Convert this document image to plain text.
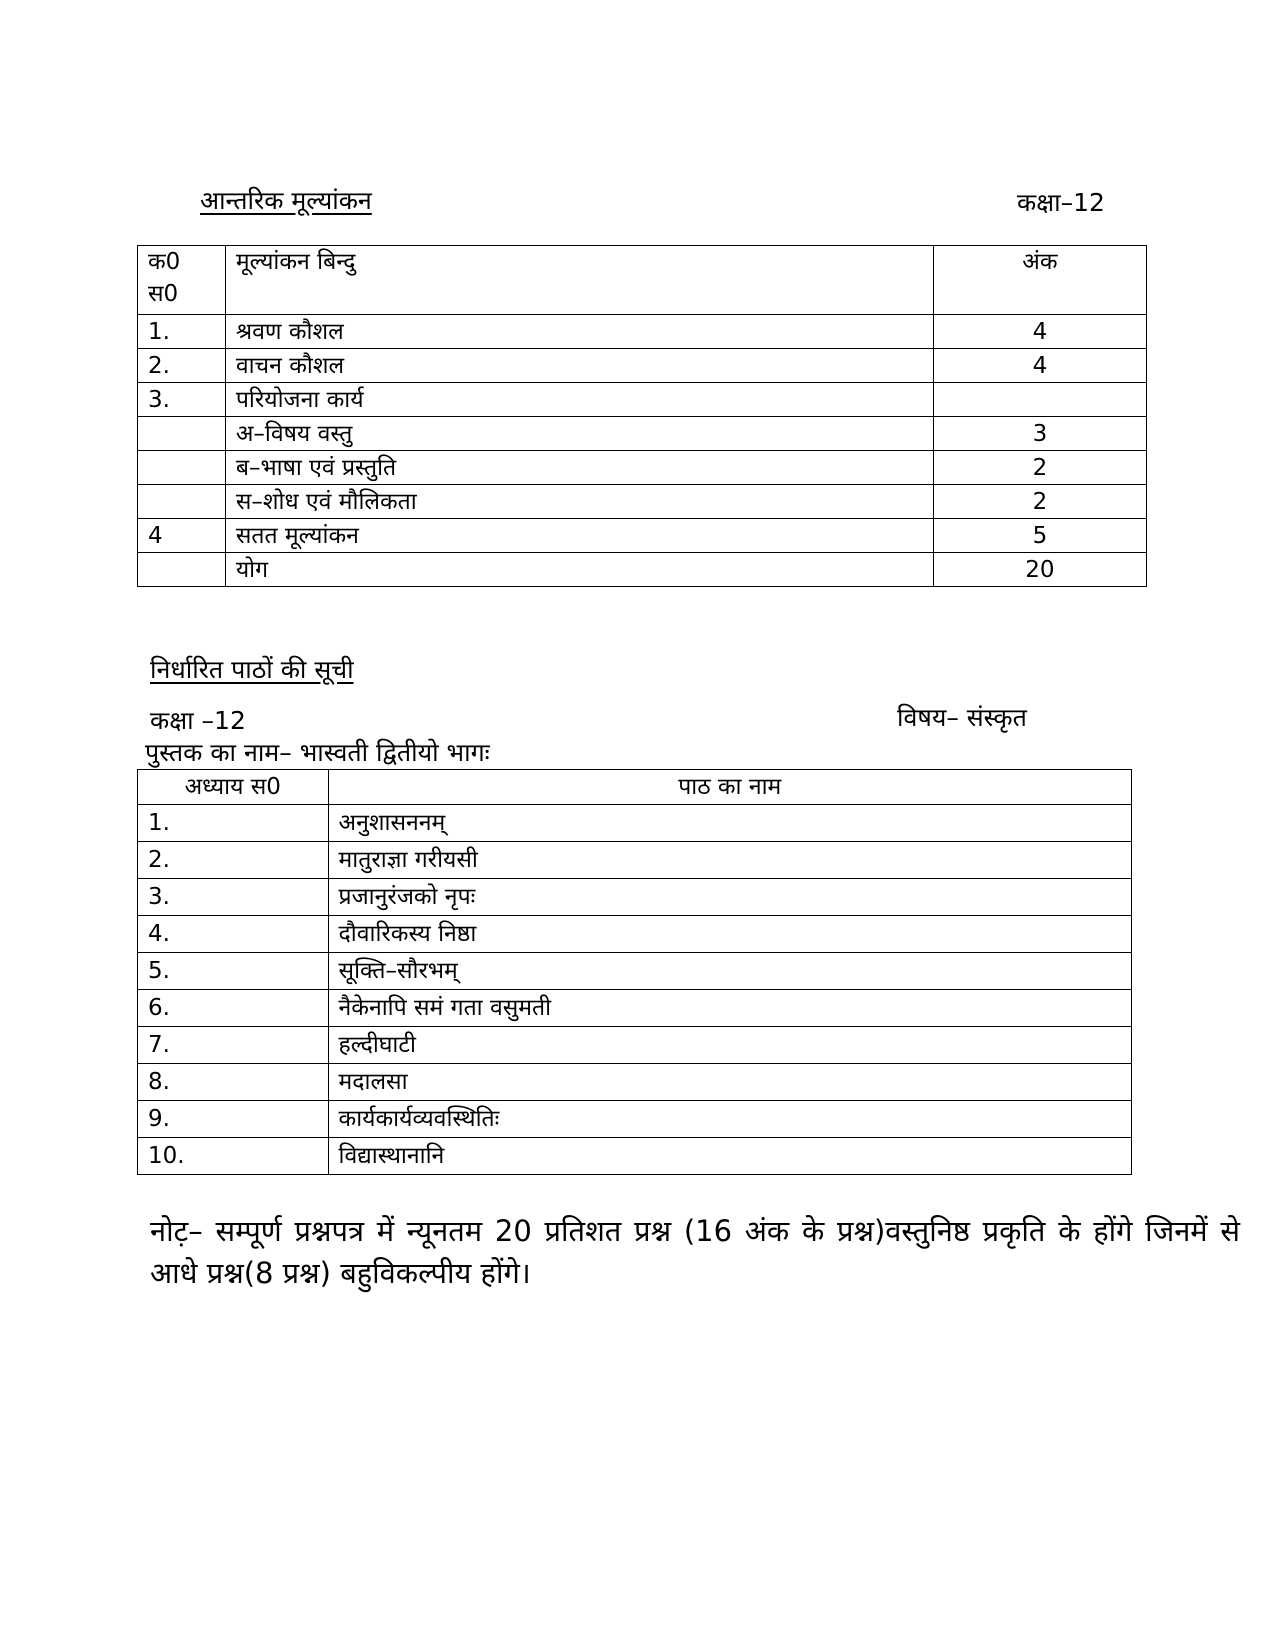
आन्तरिक मूल्यांकन	कक्षा–12
क0 स0	मूल्यांकन बिन्दु	अंक
1.	श्रवण कौशल	4
2.	वाचन कौशल	4
3.	परियोजना कार्य	
	अ–विषय वस्तु	3
	ब–भाषा एवं प्रस्तुति	2
	स–शोध एवं मौलिकता	2
4	सतत मूल्यांकन	5
	योग	20
निर्धारित पाठों की सूची
कक्षा –12	विषय– संस्कृत
पुस्तक का नाम– भास्वती द्वितीयो भागः
अध्याय स0	पाठ का नाम
1.	अनुशासननम्
2.	मातुराज्ञा गरीयसी
3.	प्रजानुरंजको नृपः
4.	दौवारिकस्य निष्ठा
5.	सूक्ति–सौरभम्
6.	नैकेनापि समं गता वसुमती
7.	हल्दीघाटी
8.	मदालसा
9.	कार्यकार्यव्यवस्थितिः
10.	विद्यास्थानानि
नोट़– सम्पूर्ण प्रश्नपत्र में न्यूनतम 20 प्रतिशत प्रश्न (16 अंक के प्रश्न)वस्तुनिष्ठ प्रकृति के होंगे जिनमें से आधे प्रश्न(8 प्रश्न) बहुविकल्पीय होंगे।
